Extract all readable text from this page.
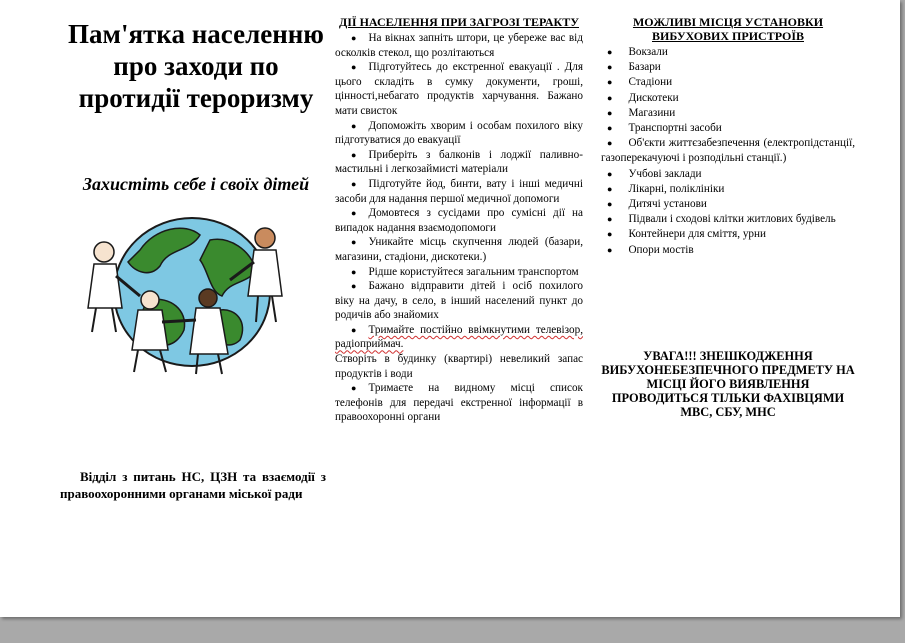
Пам'ятка населенню про заходи по протидії тероризму

Захистіть себе і своїх дітей

Відділ з питань НС, ЦЗН та взаємодії з правоохоронними органами міської ради

ДІЇ НАСЕЛЕННЯ ПРИ ЗАГРОЗІ ТЕРАКТУ
● На вікнах запніть штори, це убереже вас від осколків стекол, що розлітаються
● Підготуйтесь до екстренної евакуації . Для цього складіть в сумку документи, гроші, цінності,небагато продуктів харчування. Бажано мати свисток
● Допоможіть хворим і особам похилого віку підготуватися до евакуації
● Приберіть з балконів і лоджії паливно-мастильні і легкозаймисті матеріали
● Підготуйте йод, бинти, вату і інші медичні засоби для надання першої медичної допомоги
● Домовтеся з сусідами про сумісні дії на випадок надання взаємодопомоги
● Уникайте місць скупчення людей (базари, магазини, стадіони, дискотеки.)
● Рідше користуйтеся загальним транспортом
● Бажано відправити дітей і осіб похилого віку на дачу, в село, в інший населений пункт до родичів або знайомих
● Тримайте постійно ввімкнутими телевізор, радіоприймач.
Створіть в будинку (квартирі) невеликий запас продуктів і води
● Тримаєте на видному місці список телефонів для передачі екстренної інформації в правоохоронні органи
МОЖЛИВІ МІСЦЯ УСТАНОВКИ ВИБУХОВИХ ПРИСТРОЇВ
● Вокзали
● Базари
● Стадіони
● Дискотеки
● Магазини
● Транспортні засоби
● Об'єкти життєзабезпечення (електропідстанції, газоперекачуючі і розподільні станції.)
● Учбові заклади
● Лікарні, поліклініки
● Дитячі установи
● Підвали і сходові клітки житлових будівель
● Контейнери для сміття, урни
● Опори мостів

УВАГА!!! ЗНЕШКОДЖЕННЯ ВИБУХОНЕБЕЗПЕЧНОГО ПРЕДМЕТУ НА МІСЦІ ЙОГО ВИЯВЛЕННЯ ПРОВОДИТЬСЯ ТІЛЬКИ ФАХІВЦЯМИ МВС, СБУ, МНС
